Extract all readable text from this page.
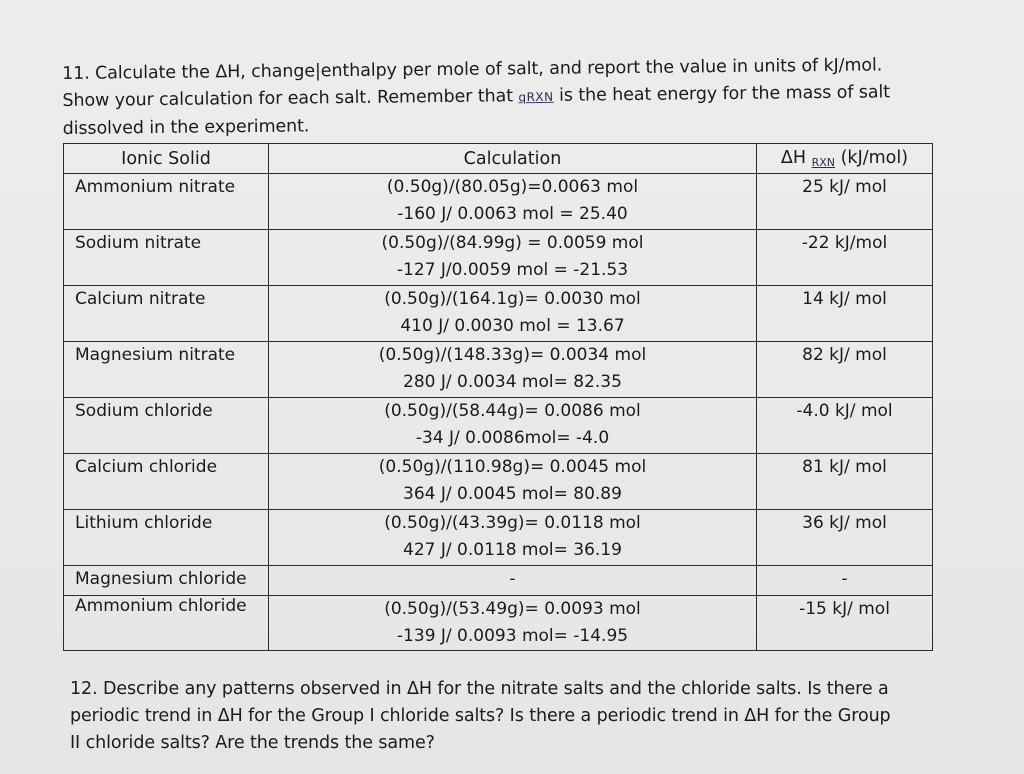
11. Calculate the ΔH, change|enthalpy per mole of salt, and report the value in units of kJ/mol.
Show your calculation for each salt. Remember that qRXN is the heat energy for the mass of salt
dissolved in the experiment.

Ionic Solid	Calculation	ΔH RXN (kJ/mol)
Ammonium nitrate	(0.50g)/(80.05g)=0.0063 mol
-160 J/ 0.0063 mol = 25.40	25 kJ/ mol
Sodium nitrate	(0.50g)/(84.99g) = 0.0059 mol
-127 J/0.0059 mol = -21.53	-22 kJ/mol
Calcium nitrate	(0.50g)/(164.1g)= 0.0030 mol
410 J/ 0.0030 mol = 13.67	14 kJ/ mol
Magnesium nitrate	(0.50g)/(148.33g)= 0.0034 mol
280 J/ 0.0034 mol= 82.35	82 kJ/ mol
Sodium chloride	(0.50g)/(58.44g)= 0.0086 mol
-34 J/ 0.0086mol= -4.0	-4.0 kJ/ mol
Calcium chloride	(0.50g)/(110.98g)= 0.0045 mol
364 J/ 0.0045 mol= 80.89	81 kJ/ mol
Lithium chloride	(0.50g)/(43.39g)= 0.0118 mol
427 J/ 0.0118 mol= 36.19	36 kJ/ mol
Magnesium chloride	-	-
Ammonium chloride	(0.50g)/(53.49g)= 0.0093 mol
-139 J/ 0.0093 mol= -14.95	-15 kJ/ mol

12. Describe any patterns observed in ΔH for the nitrate salts and the chloride salts. Is there a
periodic trend in ΔH for the Group I chloride salts? Is there a periodic trend in ΔH for the Group
II chloride salts? Are the trends the same?
